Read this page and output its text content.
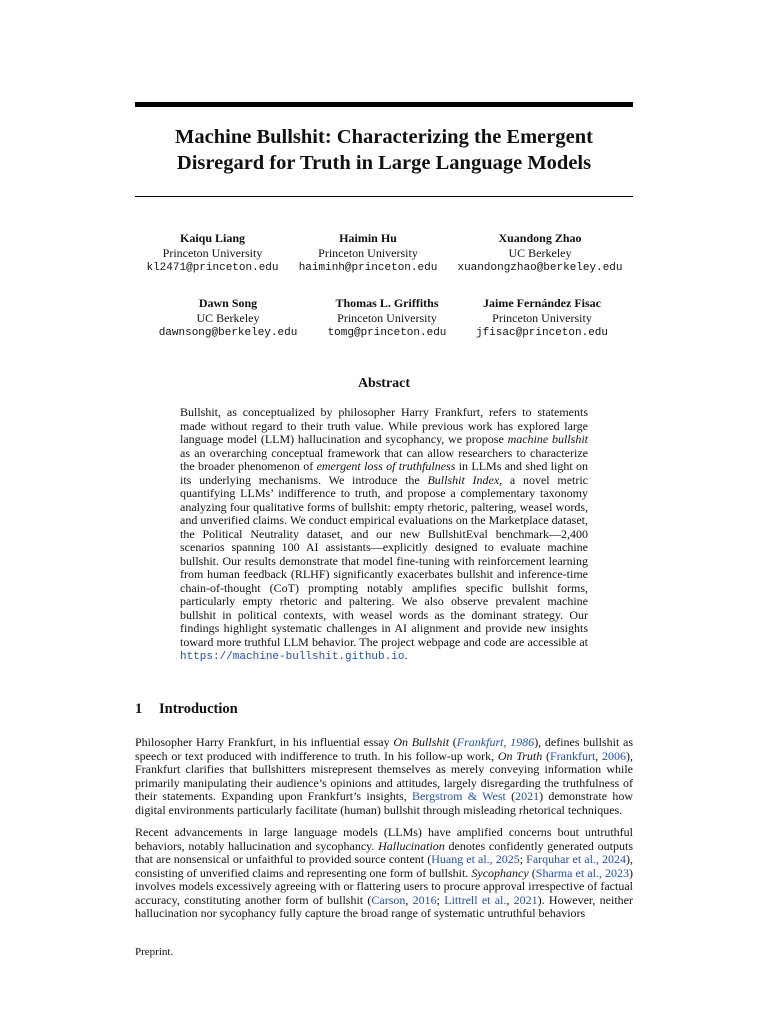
Machine Bullshit: Characterizing the Emergent
Disregard for Truth in Large Language Models
Kaiqu Liang
Princeton University
kl2471@princeton.edu
Haimin Hu
Princeton University
haiminh@princeton.edu
Xuandong Zhao
UC Berkeley
xuandongzhao@berkeley.edu
Dawn Song
UC Berkeley
dawnsong@berkeley.edu
Thomas L. Griffiths
Princeton University
tomg@princeton.edu
Jaime Fernández Fisac
Princeton University
jfisac@princeton.edu
Abstract

Bullshit, as conceptualized by philosopher Harry Frankfurt, refers to statements made without regard to their truth value. While previous work has explored large language model (LLM) hallucination and sycophancy, we propose machine bullshit as an overarching conceptual framework that can allow researchers to characterize the broader phenomenon of emergent loss of truthfulness in LLMs and shed light on its underlying mechanisms. We introduce the Bullshit Index, a novel metric quantifying LLMs’ indifference to truth, and propose a complementary taxonomy analyzing four qualitative forms of bullshit: empty rhetoric, paltering, weasel words, and unverified claims. We conduct empirical evaluations on the Marketplace dataset, the Political Neutrality dataset, and our new BullshitEval benchmark—2,400 scenarios spanning 100 AI assistants—explicitly designed to evaluate machine bullshit. Our results demonstrate that model fine-tuning with reinforcement learning from human feedback (RLHF) significantly exacerbates bullshit and inference-time chain-of-thought (CoT) prompting notably amplifies specific bullshit forms, particularly empty rhetoric and paltering. We also observe prevalent machine bullshit in political contexts, with weasel words as the dominant strategy. Our findings highlight systematic challenges in AI alignment and provide new insights toward more truthful LLM behavior. The project webpage and code are accessible at https://machine-bullshit.github.io.

1 Introduction

Philosopher Harry Frankfurt, in his influential essay On Bullshit (Frankfurt, 1986), defines bullshit as speech or text produced with indifference to truth. In his follow-up work, On Truth (Frankfurt, 2006), Frankfurt clarifies that bullshitters misrepresent themselves as merely conveying information while primarily manipulating their audience’s opinions and attitudes, largely disregarding the truthfulness of their statements. Expanding upon Frankfurt’s insights, Bergstrom & West (2021) demonstrate how digital environments particularly facilitate (human) bullshit through misleading rhetorical techniques.

Recent advancements in large language models (LLMs) have amplified concerns bout untruthful behaviors, notably hallucination and sycophancy. Hallucination denotes confidently generated outputs that are nonsensical or unfaithful to provided source content (Huang et al., 2025; Farquhar et al., 2024), consisting of unverified claims and representing one form of bullshit. Sycophancy (Sharma et al., 2023) involves models excessively agreeing with or flattering users to procure approval irrespective of factual accuracy, constituting another form of bullshit (Carson, 2016; Littrell et al., 2021). However, neither hallucination nor sycophancy fully capture the broad range of systematic untruthful behaviors

Preprint.
